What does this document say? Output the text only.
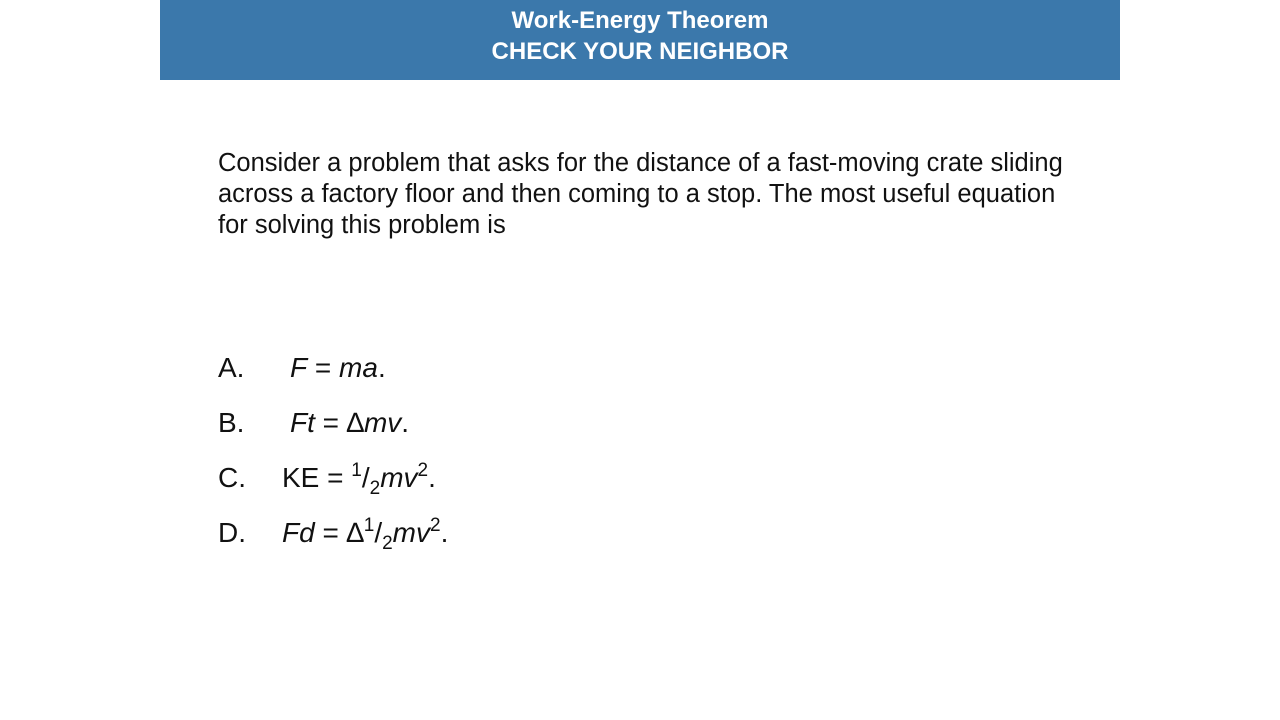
Work-Energy Theorem
CHECK YOUR NEIGHBOR
Consider a problem that asks for the distance of a fast-moving crate sliding across a factory floor and then coming to a stop. The most useful equation for solving this problem is
A. F = ma.
B. Ft = ∆mv.
C. KE = $^1/_2mv^2$.
D. $Fd = \Delta^1/_2mv^2$.
